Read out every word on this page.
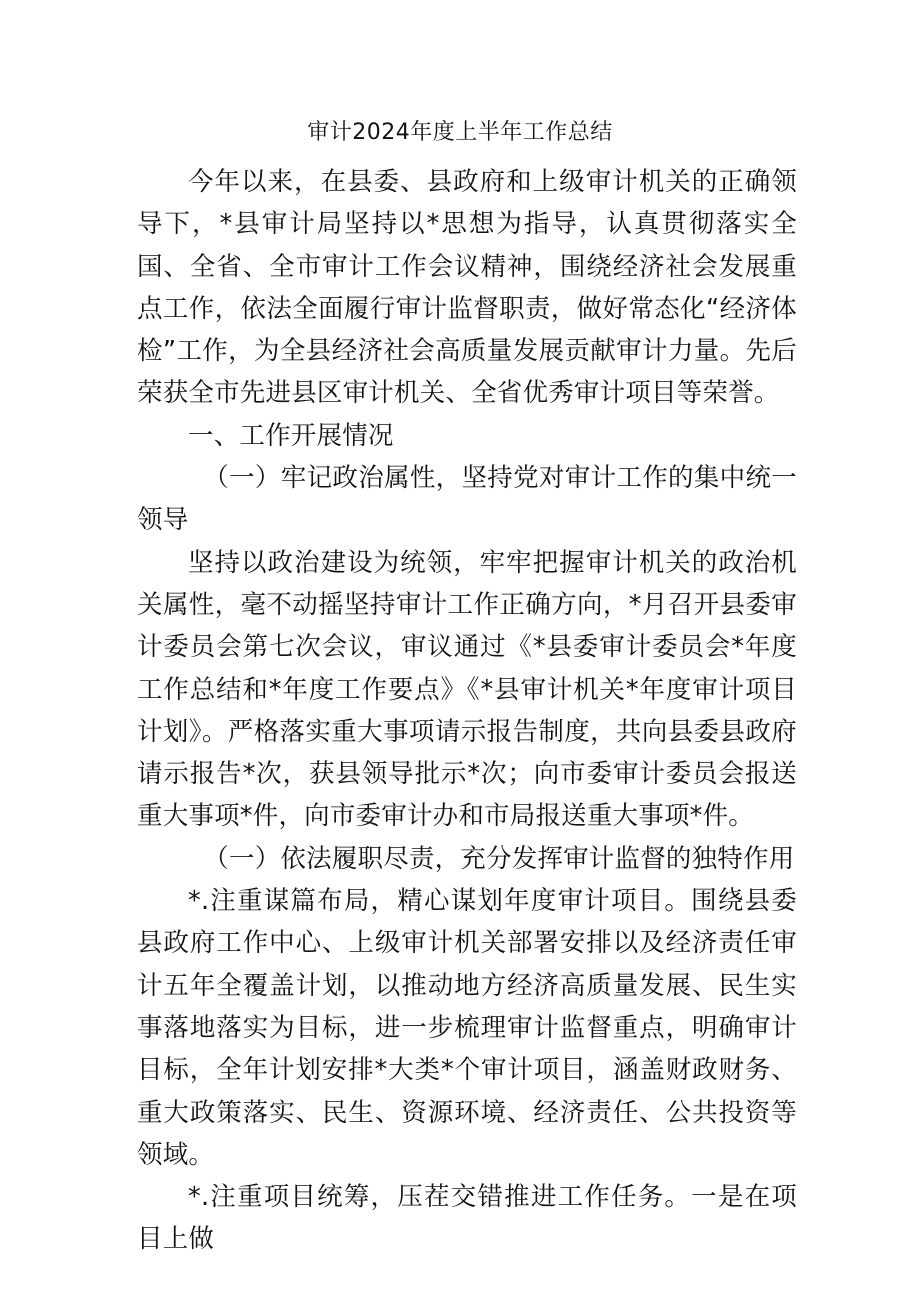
审计2024年度上半年工作总结

今年以来，在县委、县政府和上级审计机关的正确领导下，*县审计局坚持以*思想为指导，认真贯彻落实全国、全省、全市审计工作会议精神，围绕经济社会发展重点工作，依法全面履行审计监督职责，做好常态化“经济体检”工作，为全县经济社会高质量发展贡献审计力量。先后荣获全市先进县区审计机关、全省优秀审计项目等荣誉。

一、工作开展情况

（一）牢记政治属性，坚持党对审计工作的集中统一领导

坚持以政治建设为统领，牢牢把握审计机关的政治机关属性，毫不动摇坚持审计工作正确方向，*月召开县委审计委员会第七次会议，审议通过《*县委审计委员会*年度工作总结和*年度工作要点》《*县审计机关*年度审计项目计划》。严格落实重大事项请示报告制度，共向县委县政府请示报告*次，获县领导批示*次；向市委审计委员会报送重大事项*件，向市委审计办和市局报送重大事项*件。

（一）依法履职尽责，充分发挥审计监督的独特作用

*.注重谋篇布局，精心谋划年度审计项目。围绕县委县政府工作中心、上级审计机关部署安排以及经济责任审计五年全覆盖计划，以推动地方经济高质量发展、民生实事落地落实为目标，进一步梳理审计监督重点，明确审计目标，全年计划安排*大类*个审计项目，涵盖财政财务、重大政策落实、民生、资源环境、经济责任、公共投资等领域。

*.注重项目统筹，压茬交错推进工作任务。一是在项目上做
